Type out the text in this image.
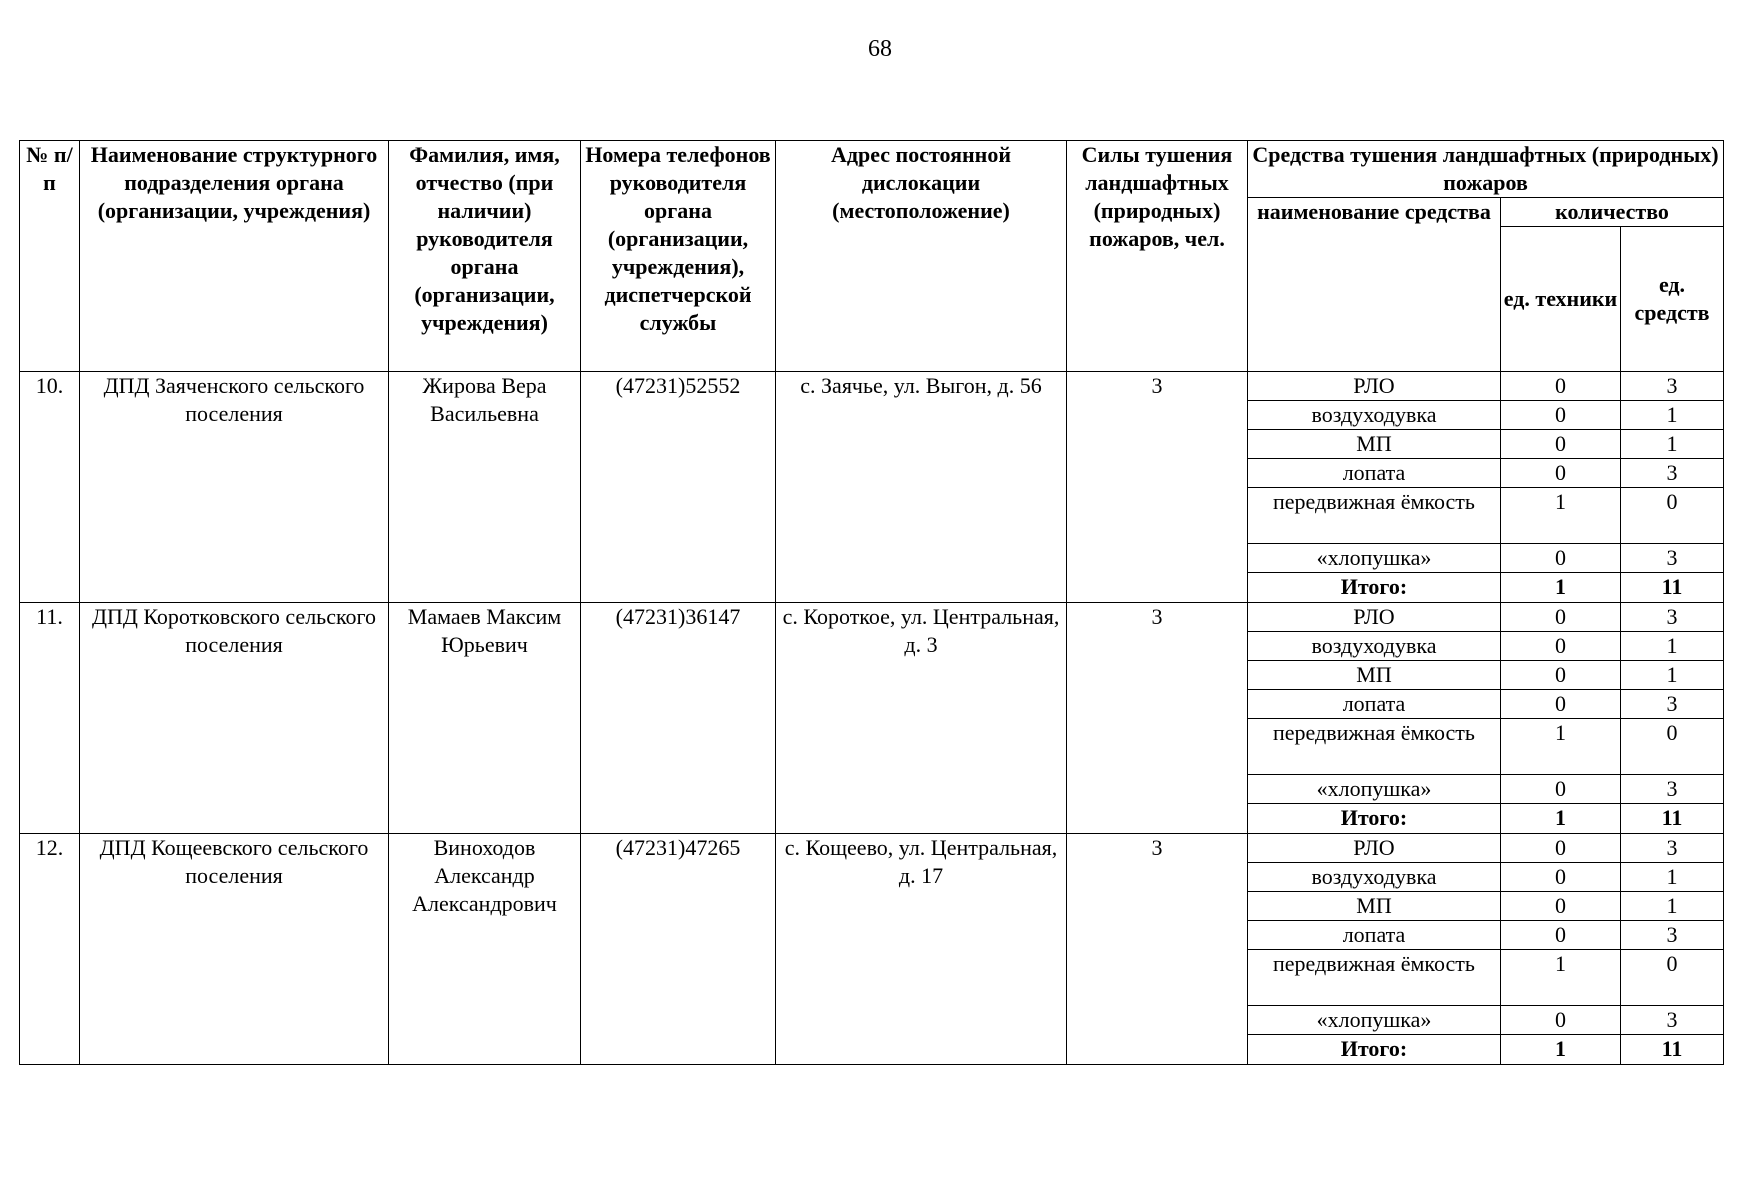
68
№ п/п	Наименование структурного подразделения органа (организации, учреждения)	Фамилия, имя, отчество (при наличии) руководителя органа (организации, учреждения)	Номера телефонов руководителя органа (организации, учреждения), диспетчерской службы	Адрес постоянной дислокации (местоположение)	Силы тушения ландшафтных (природных) пожаров, чел.	Средства тушения ландшафтных (природных) пожаров		
						наименование средства	количество	
							ед. техники	ед. средств
10.	ДПД Заяченского сельского поселения	Жирова Вера Васильевна	(47231)52552	с. Заячье, ул. Выгон, д. 56	3	РЛО	0	3
						воздуходувка	0	1
						МП	0	1
						лопата	0	3
						передвижная ёмкость	1	0
						«хлопушка»	0	3
						Итого:	1	11
11.	ДПД Коротковского сельского поселения	Мамаев Максим Юрьевич	(47231)36147	с. Короткое, ул. Центральная, д. 3	3	РЛО	0	3
						воздуходувка	0	1
						МП	0	1
						лопата	0	3
						передвижная ёмкость	1	0
						«хлопушка»	0	3
						Итого:	1	11
12.	ДПД Кощеевского сельского поселения	Виноходов Александр Александрович	(47231)47265	с. Кощеево, ул. Центральная, д. 17	3	РЛО	0	3
						воздуходувка	0	1
						МП	0	1
						лопата	0	3
						передвижная ёмкость	1	0
						«хлопушка»	0	3
						Итого:	1	11
